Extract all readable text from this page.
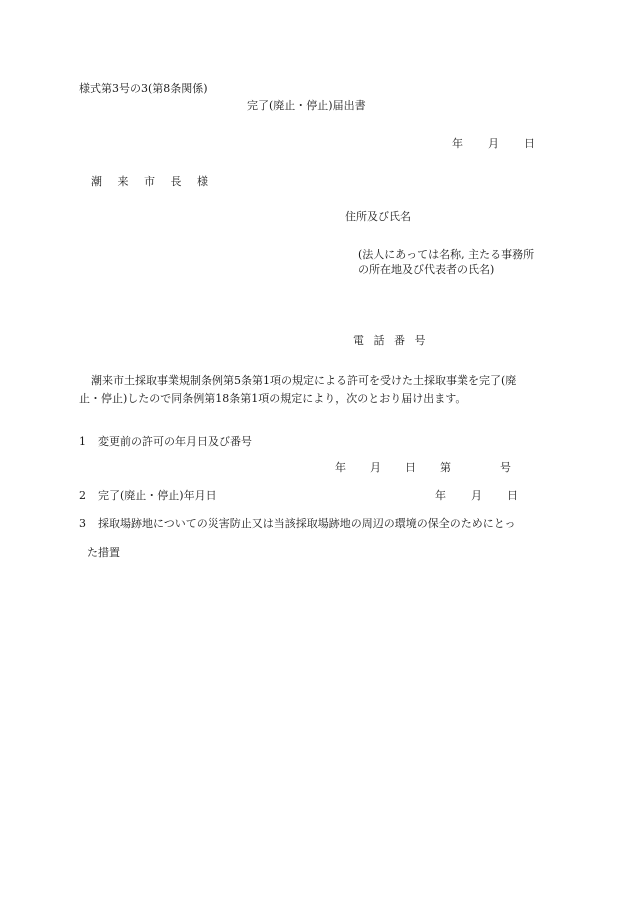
様式第3号の3(第8条関係)
完了(廃止・停止)届出書
年 月 日
潮 来 市 長 様
住所及び氏名
(法人にあっては名称, 主たる事務所
の所在地及び代表者の氏名)
電 話 番 号
潮来市土採取事業規制条例第5条第1項の規定による許可を受けた土採取事業を完了(廃
止・停止)したので同条例第18条第1項の規定により，次のとおり届け出ます。
1 変更前の許可の年月日及び番号
年 月 日 第	号
2 完了(廃止・停止)年月日	年 月 日
3 採取場跡地についての災害防止又は当該採取場跡地の周辺の環境の保全のためにとっ
た措置
